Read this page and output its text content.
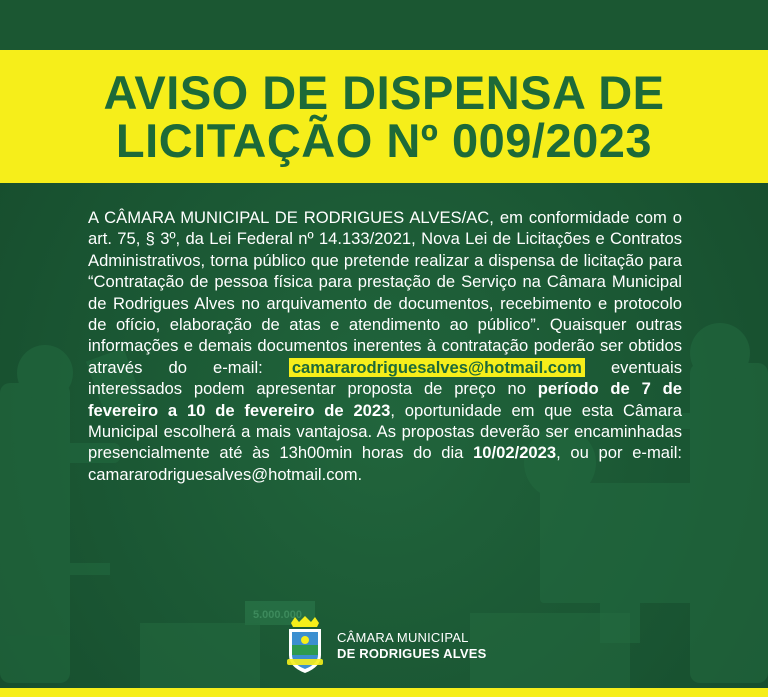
AVISO DE DISPENSA DE
LICITAÇÃO Nº 009/2023
5.000.000
A CÂMARA MUNICIPAL DE RODRIGUES ALVES/AC, em conformidade com o art. 75, § 3º, da Lei Federal nº 14.133/2021, Nova Lei de Licitações e Contratos Administrativos, torna público que pretende realizar a dispensa de licitação para “Contratação de pessoa física para prestação de Serviço na Câmara Municipal de Rodrigues Alves no arquivamento de documentos, recebimento e protocolo de ofício, elaboração de atas e atendimento ao público”. Quaisquer outras informações e demais documentos inerentes à contratação poderão ser obtidos através do e-mail: camararodriguesalves@hotmail.com eventuais interessados podem apresentar proposta de preço no período de 7 de fevereiro a 10 de fevereiro de 2023, oportunidade em que esta Câmara Municipal escolherá a mais vantajosa. As propostas deverão ser encaminhadas presencialmente até às 13h00min horas do dia 10/02/2023, ou por e-mail: camararodriguesalves@hotmail.com.
CÂMARA MUNICIPAL
DE RODRIGUES ALVES
